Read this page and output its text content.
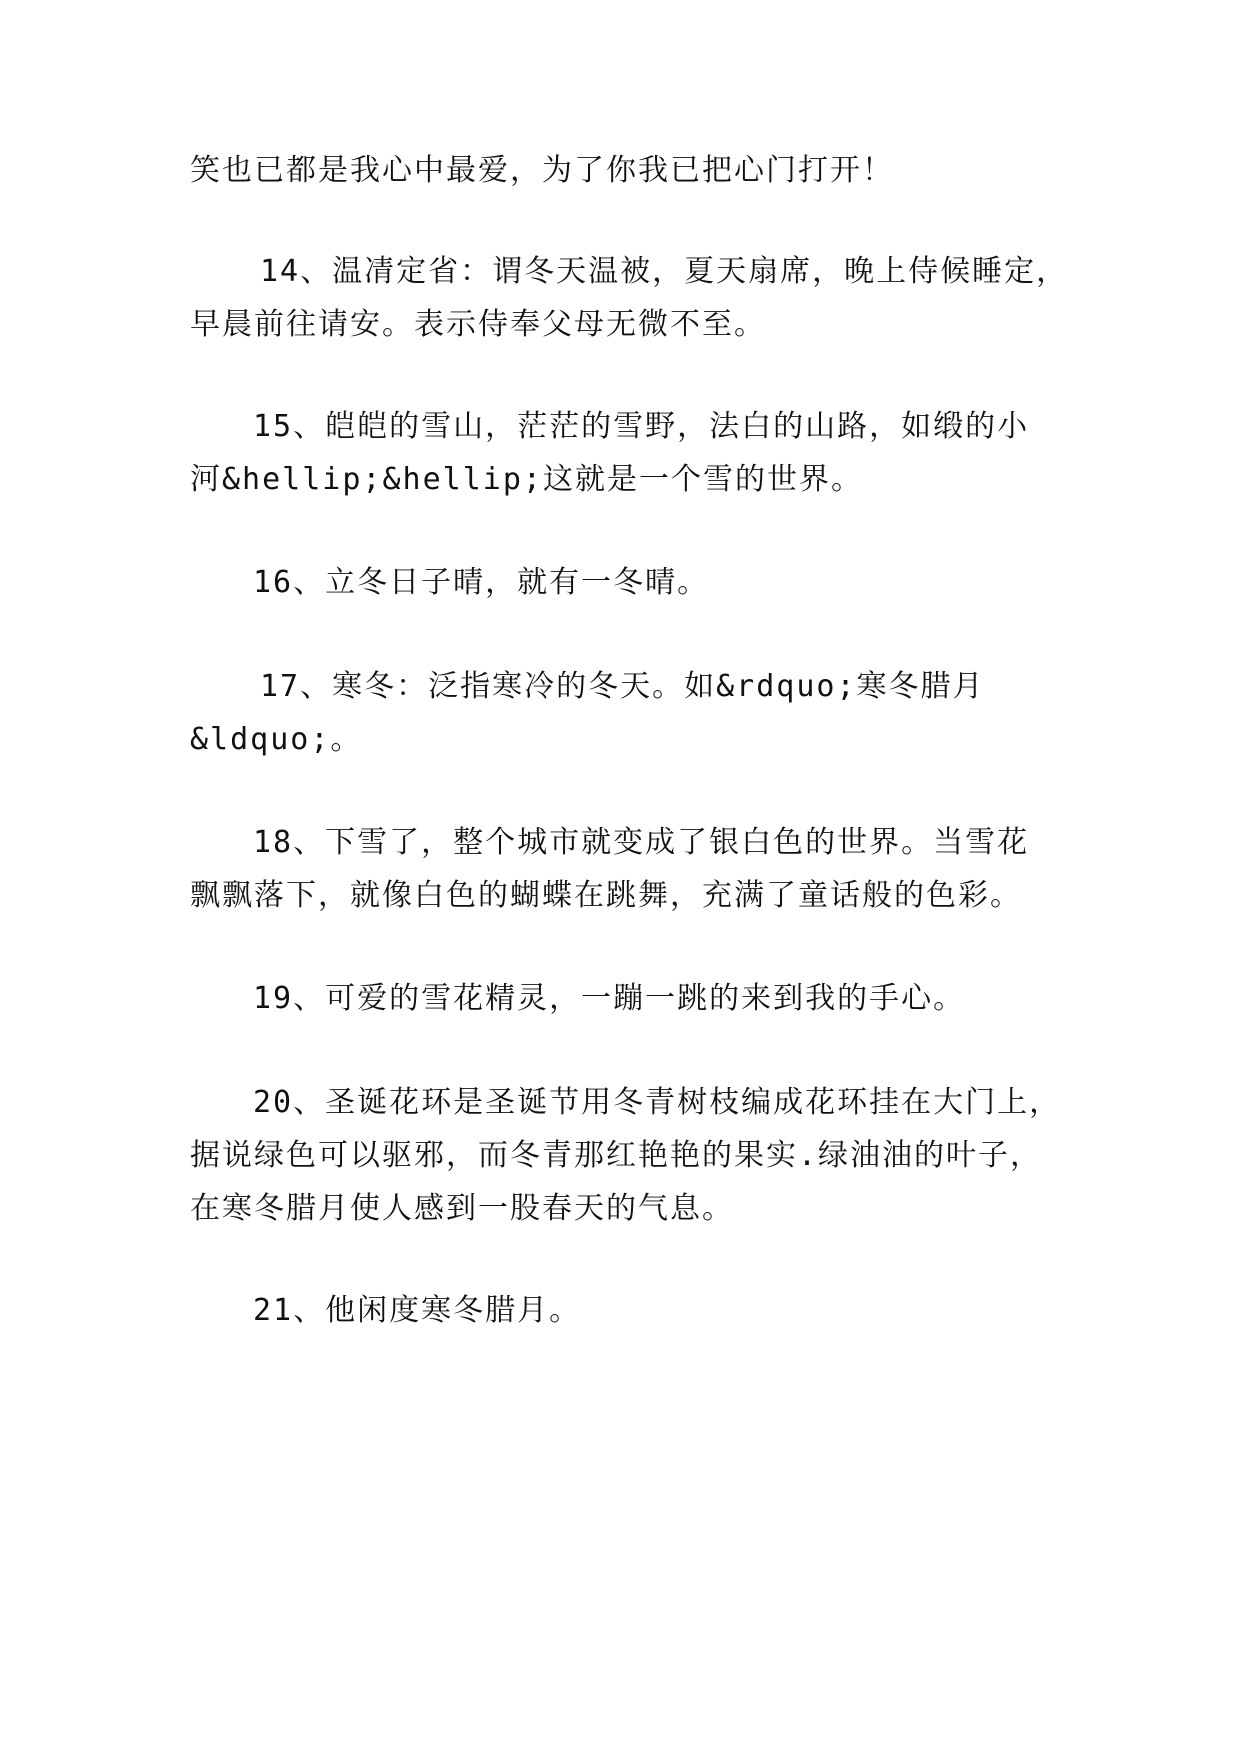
笑也已都是我心中最爱，为了你我已把心门打开！
14、温凊定省：谓冬天温被，夏天扇席，晚上侍候睡定，
早晨前往请安。表示侍奉父母无微不至。
15、皑皑的雪山，茫茫的雪野，法白的山路，如缎的小
河&hellip;&hellip;这就是一个雪的世界。
16、立冬日子晴，就有一冬晴。
17、寒冬：泛指寒冷的冬天。如&rdquo;寒冬腊月
&ldquo;。
18、下雪了，整个城市就变成了银白色的世界。当雪花
飘飘落下，就像白色的蝴蝶在跳舞，充满了童话般的色彩。
19、可爱的雪花精灵，一蹦一跳的来到我的手心。
20、圣诞花环是圣诞节用冬青树枝编成花环挂在大门上，
据说绿色可以驱邪，而冬青那红艳艳的果实.绿油油的叶子，
在寒冬腊月使人感到一股春天的气息。
21、他闲度寒冬腊月。
